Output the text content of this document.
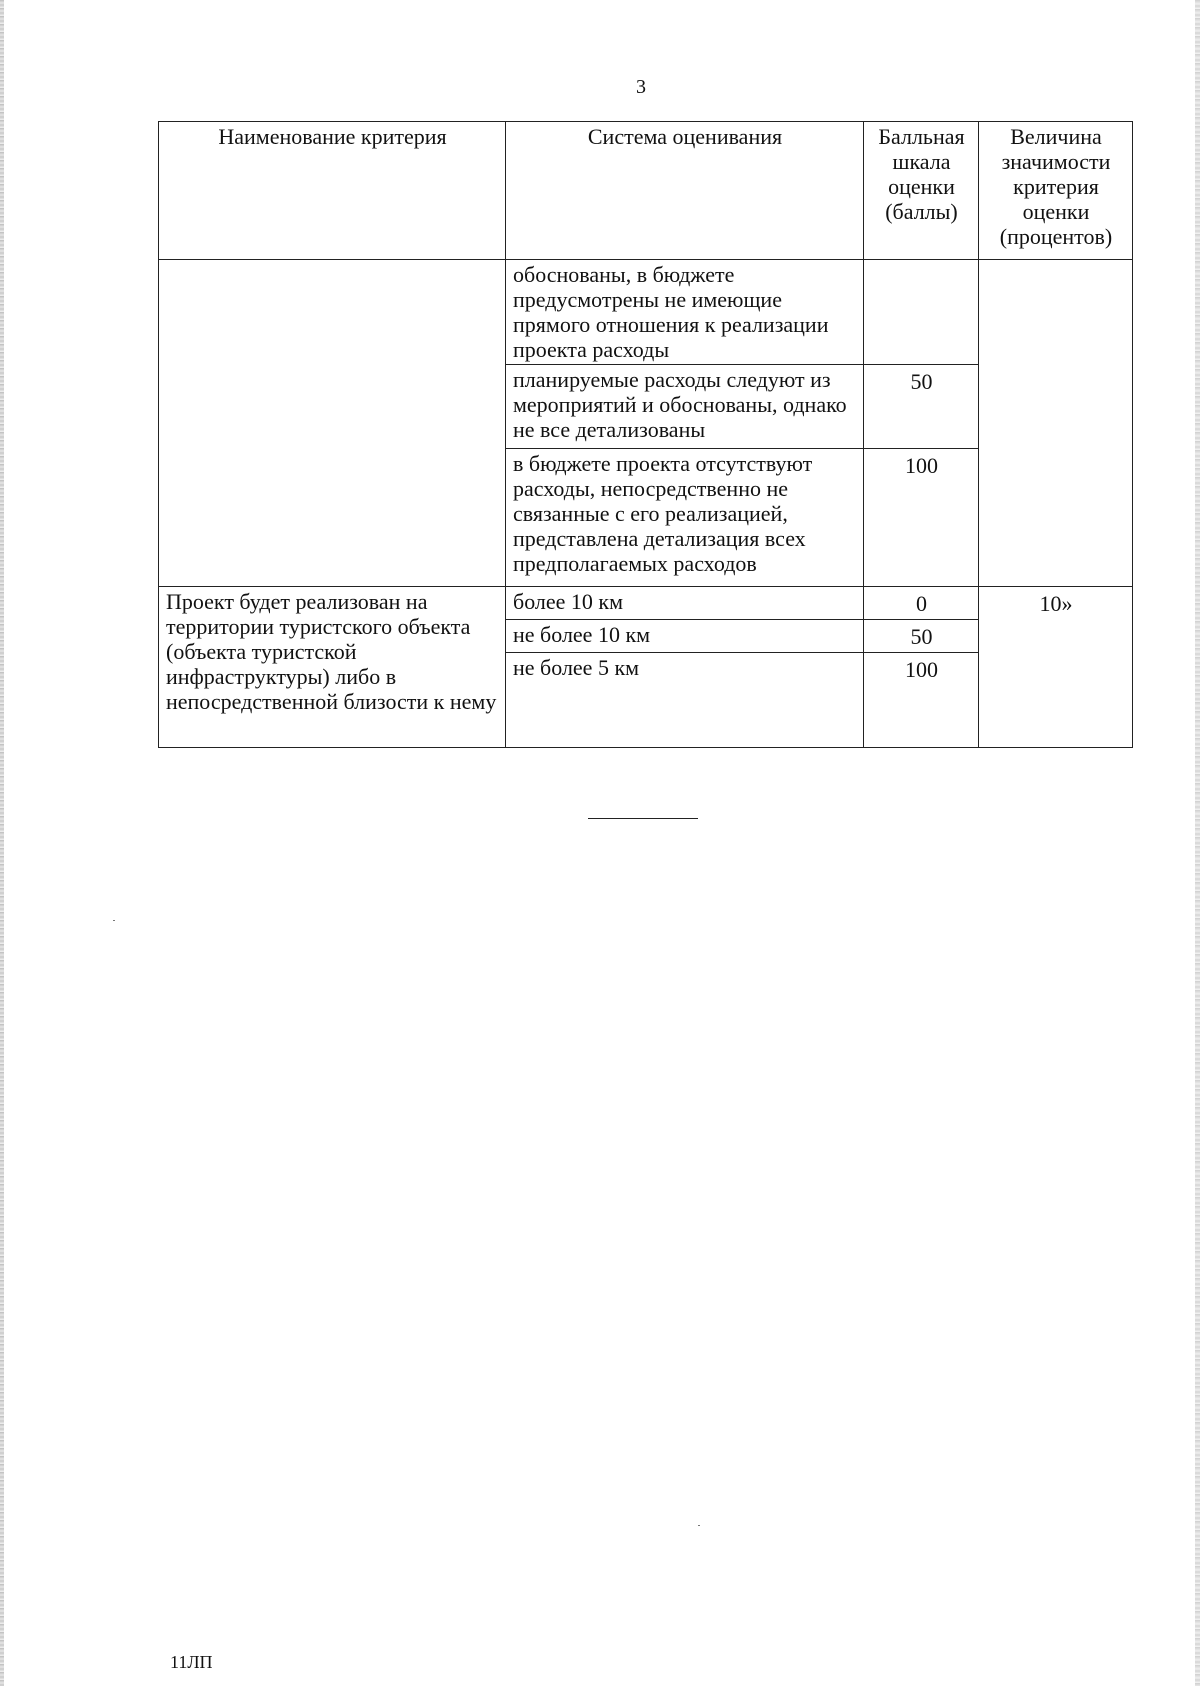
3
Наименование критерия	Система оценивания	Балльная шкала оценки (баллы)	Величина значимости критерия оценки (процентов)
	обоснованы, в бюджете предусмотрены не имеющие прямого отношения к реализации проекта расходы		
	планируемые расходы следуют из мероприятий и обоснованы, однако не все детализованы	50	
	в бюджете проекта отсутствуют расходы, непосредственно не связанные с его реализацией, представлена детализация всех предполагаемых расходов	100	
Проект будет реализован на территории туристского объекта (объекта туристской инфраструктуры) либо в непосредственной близости к нему	более 10 км	0	10»
	не более 10 км	50	
	не более 5 км	100	
11ЛП
